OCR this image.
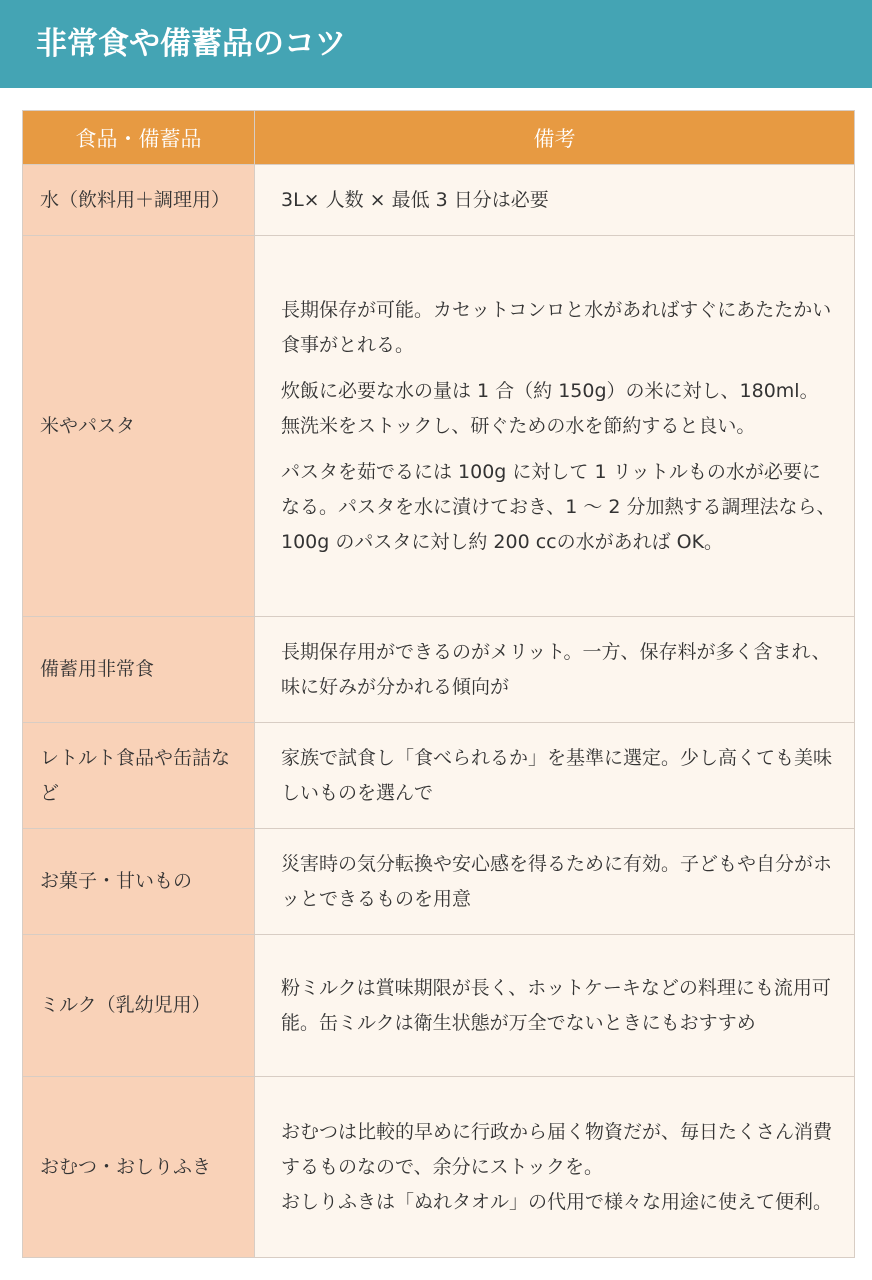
非常食や備蓄品のコツ
食品・備蓄品	備考
水（飲料用＋調理用）	3L× 人数 × 最低 3 日分は必要

米やパスタ	長期保存が可能。カセットコンロと水があればすぐにあたたかい食事がとれる。

炊飯に必要な水の量は 1 合（約 150g）の米に対し、180ml。無洗米をストックし、研ぐための水を節約すると良い。

パスタを茹でるには 100g に対して 1 リットルもの水が必要になる。パスタを水に漬けておき、1 ～ 2 分加熱する調理法なら、100g のパスタに対し約 200 ccの水があれば OK。

備蓄用非常食	長期保存用ができるのがメリット。一方、保存料が多く含まれ、味に好みが分かれる傾向が

レトルト食品や缶詰など	家族で試食し「食べられるか」を基準に選定。少し高くても美味しいものを選んで

お菓子・甘いもの	災害時の気分転換や安心感を得るために有効。子どもや自分がホッとできるものを用意

ミルク（乳幼児用）	粉ミルクは賞味期限が長く、ホットケーキなどの料理にも流用可能。缶ミルクは衛生状態が万全でないときにもおすすめ

おむつ・おしりふき	おむつは比較的早めに行政から届く物資だが、毎日たくさん消費するものなので、余分にストックを。

おしりふきは「ぬれタオル」の代用で様々な用途に使えて便利。
